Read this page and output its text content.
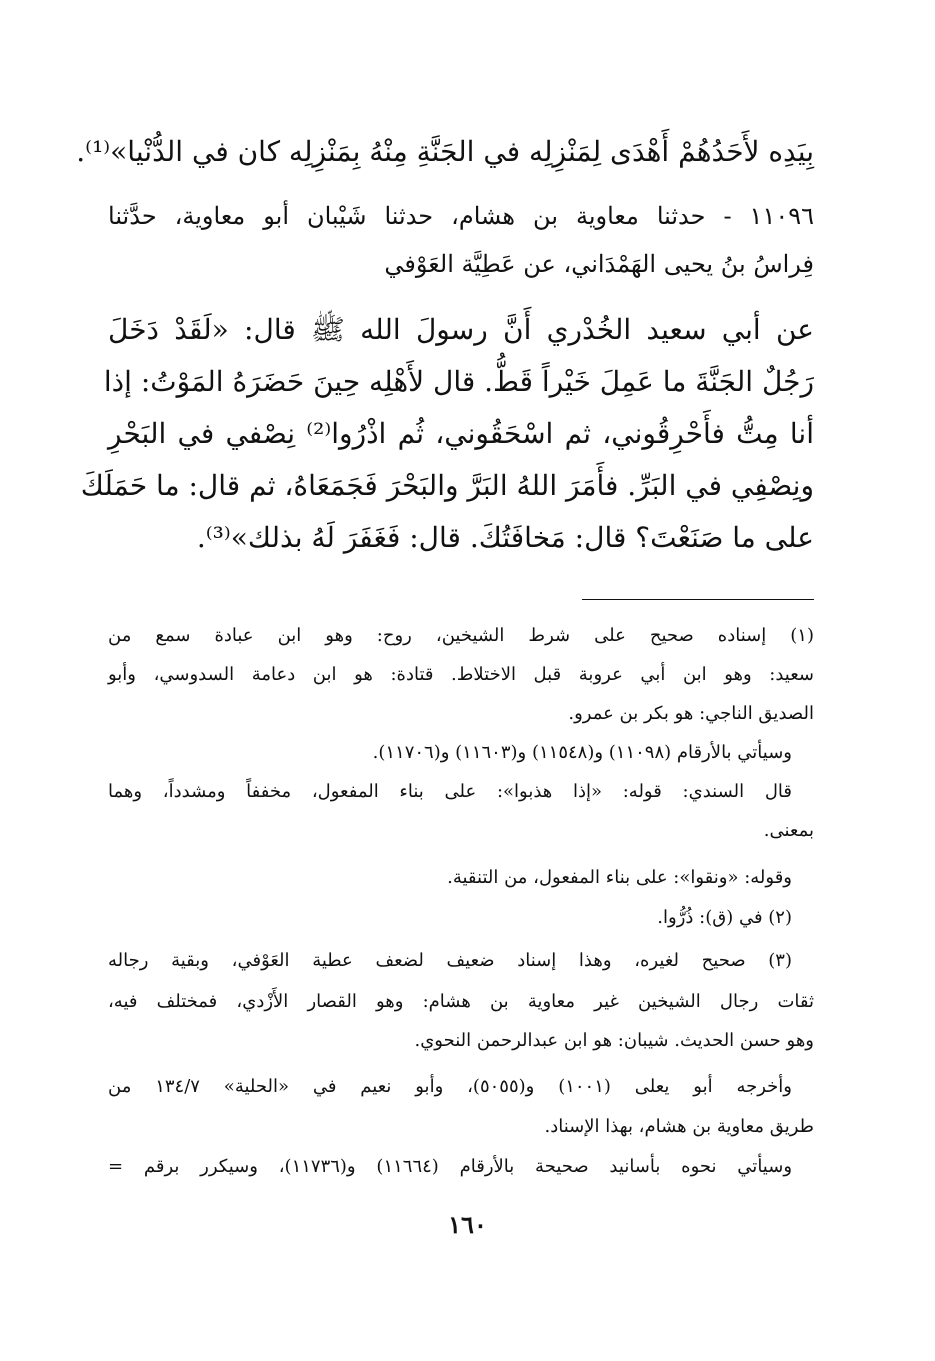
بِيَدِه لأَحَدُهُمْ أَهْدَى لِمَنْزِلِه في الجَنَّةِ مِنْهُ بِمَنْزِلِه كان في الدُّنْيا»⁽¹⁾.
١١٠٩٦ - حدثنا معاوية بن هشام، حدثنا شَيْبان أبو معاوية، حدَّثنا
فِراسُ بنُ يحيى الهَمْدَاني، عن عَطِيَّة العَوْفي
عن أبي سعيد الخُدْري أَنَّ رسولَ الله ﷺ قال: «لَقَدْ دَخَلَ
رَجُلٌ الجَنَّةَ ما عَمِلَ خَيْراً قَطُّ. قال لأَهْلِه حِينَ حَضَرَهُ المَوْتُ: إذا
أنا مِتُّ فأَحْرِقُوني، ثم اسْحَقُوني، ثُم اذْرُوا⁽²⁾ نِصْفي في البَحْرِ
ونِصْفِي في البَرِّ. فأَمَرَ اللهُ البَرَّ والبَحْرَ فَجَمَعَاهُ، ثم قال: ما حَمَلَكَ
على ما صَنَعْتَ؟ قال: مَخافَتُكَ. قال: فَغَفَرَ لَهُ بذلك»⁽³⁾.
(١) إسناده صحيح على شرط الشيخين، روح: وهو ابن عبادة سمع من
سعيد: وهو ابن أبي عروبة قبل الاختلاط. قتادة: هو ابن دعامة السدوسي، وأبو
الصديق الناجي: هو بكر بن عمرو.
وسيأتي بالأرقام (١١٠٩٨) و(١١٥٤٨) و(١١٦٠٣) و(١١٧٠٦).
قال السندي: قوله: «إذا هذبوا»: على بناء المفعول، مخففاً ومشدداً، وهما
بمعنى.
وقوله: «ونقوا»: على بناء المفعول، من التنقية.
(٢) في (ق): ذُرُّوا.
(٣) صحيح لغيره، وهذا إسناد ضعيف لضعف عطية العَوْفي، وبقية رجاله
ثقات رجال الشيخين غير معاوية بن هشام: وهو القصار الأَزْدي، فمختلف فيه،
وهو حسن الحديث. شيبان: هو ابن عبدالرحمن النحوي.
وأخرجه أبو يعلى (١٠٠١) و(٥٠٥٥)، وأبو نعيم في «الحلية» ١٣٤/٧ من
طريق معاوية بن هشام، بهذا الإسناد.
وسيأتي نحوه بأسانيد صحيحة بالأرقام (١١٦٦٤) و(١١٧٣٦)، وسيكرر برقم =
١٦٠
